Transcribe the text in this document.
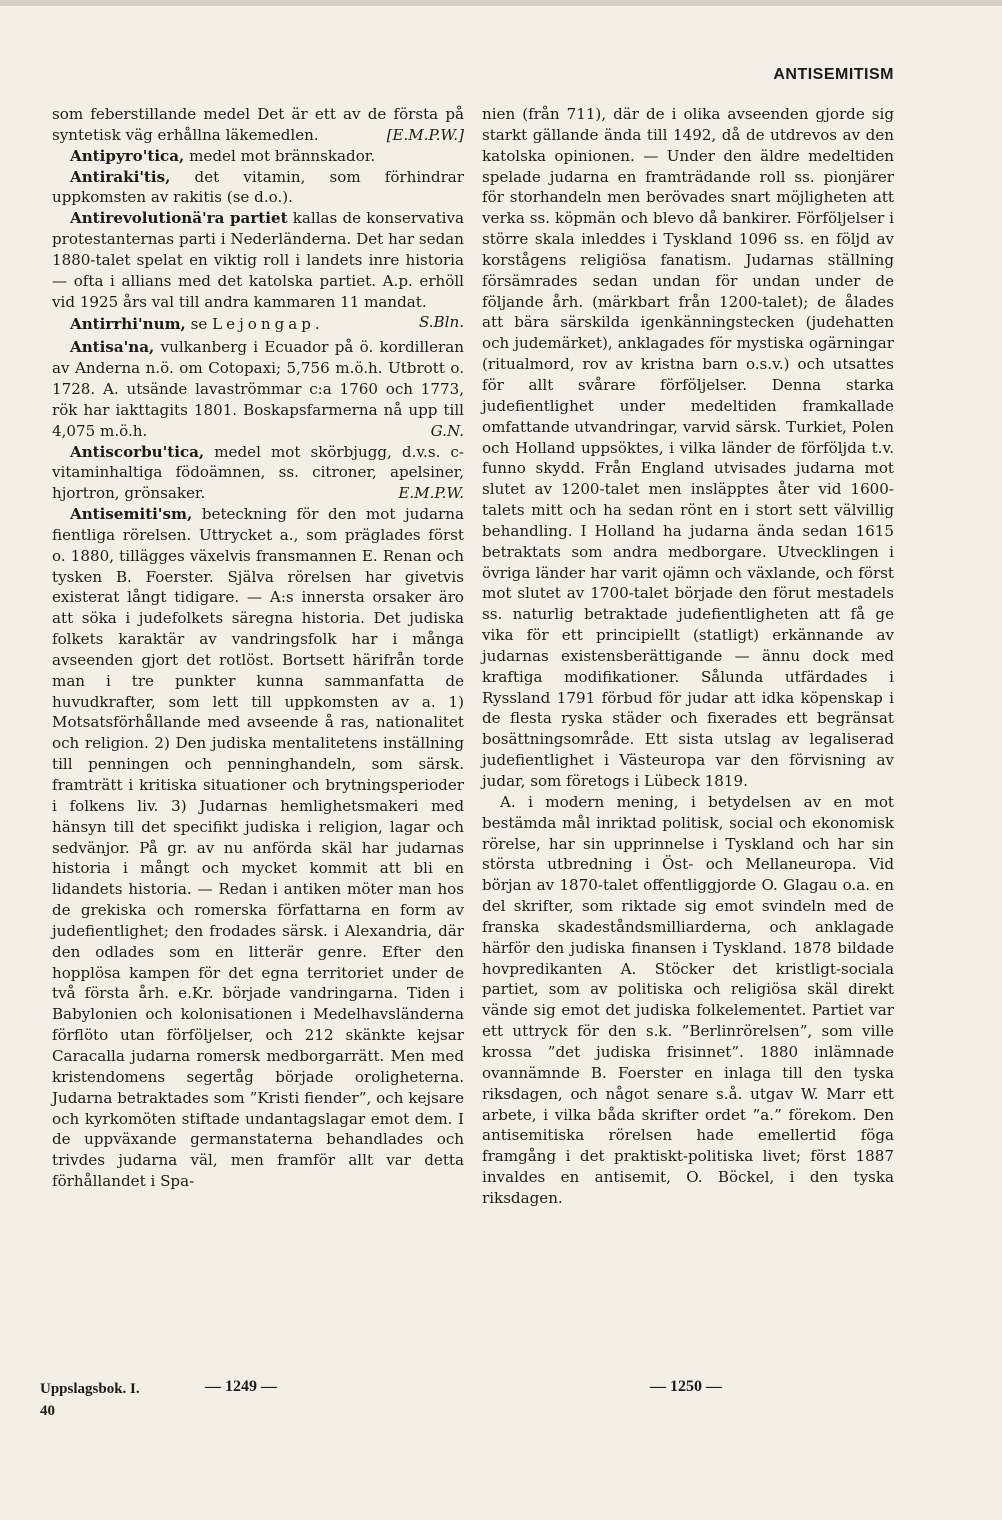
ANTISEMITISM

som feberstillande medel Det är ett av de första på syntetisk väg erhållna läkemedlen.	[E.M.P.W.]

Antipyro'tica, medel mot brännskador.

Antiraki'tis, det vitamin, som förhindrar uppkomsten av rakitis (se d.o.).

Antirevolutionä'ra partiet kallas de konservativa protestanternas parti i Nederländerna. Det har sedan 1880-talet spelat en viktig roll i landets inre historia — ofta i allians med det katolska partiet. A.p. erhöll vid 1925 års val till andra kammaren 11 mandat.
S.Bln.

Antirrhi'num, se Lejongap.

Antisa'na, vulkanberg i Ecuador på ö. kordilleran av Anderna n.ö. om Cotopaxi; 5,756 m.ö.h. Utbrott o. 1728. A. utsände lavaströmmar c:a 1760 och 1773, rök har iakttagits 1801. Boskapsfarmerna nå upp till 4,075 m.ö.h.	G.N.

Antiscorbu'tica, medel mot skörbjugg, d.v.s. c-vitaminhaltiga födoämnen, ss. citroner, apelsiner, hjortron, grönsaker.	E.M.P.W.

Antisemiti'sm, beteckning för den mot judarna fientliga rörelsen. Uttrycket a., som präglades först o. 1880, tillägges växelvis fransmannen E. Renan och tysken B. Foerster. Själva rörelsen har givetvis existerat långt tidigare. — A:s innersta orsaker äro att söka i judefolkets säregna historia. Det judiska folkets karaktär av vandringsfolk har i många avseenden gjort det rotlöst. Bortsett härifrån torde man i tre punkter kunna sammanfatta de huvudkrafter, som lett till uppkomsten av a. 1) Motsatsförhållande med avseende å ras, nationalitet och religion. 2) Den judiska mentalitetens inställning till penningen och penninghandeln, som särsk. framträtt i kritiska situationer och brytningsperioder i folkens liv. 3) Judarnas hemlighetsmakeri med hänsyn till det specifikt judiska i religion, lagar och sedvänjor. På gr. av nu anförda skäl har judarnas historia i mångt och mycket kommit att bli en lidandets historia. — Redan i antiken möter man hos de grekiska och romerska författarna en form av judefientlighet; den frodades särsk. i Alexandria, där den odlades som en litterär genre. Efter den hopplösa kampen för det egna territoriet under de två första årh. e.Kr. började vandringarna. Tiden i Babylonien och kolonisationen i Medelhavsländerna förflöto utan förföljelser, och 212 skänkte kejsar Caracalla judarna romersk medborgarrätt. Men med kristendomens segertåg började oroligheterna. Judarna betraktades som ”Kristi fiender”, och kejsare och kyrkomöten stiftade undantagslagar emot dem. I de uppväxande germanstaterna behandlades och trivdes judarna väl, men framför allt var detta förhållandet i Spa-

nien (från 711), där de i olika avseenden gjorde sig starkt gällande ända till 1492, då de utdrevos av den katolska opinionen. — Under den äldre medeltiden spelade judarna en framträdande roll ss. pionjärer för storhandeln men berövades snart möjligheten att verka ss. köpmän och blevo då bankirer. Förföljelser i större skala inleddes i Tyskland 1096 ss. en följd av korstågens religiösa fanatism. Judarnas ställning försämrades sedan undan för undan under de följande årh. (märkbart från 1200-talet); de ålades att bära särskilda igenkänningstecken (judehatten och judemärket), anklagades för mystiska ogärningar (ritualmord, rov av kristna barn o.s.v.) och utsattes för allt svårare förföljelser. Denna starka judefientlighet under medeltiden framkallade omfattande utvandringar, varvid särsk. Turkiet, Polen och Holland uppsöktes, i vilka länder de förföljda t.v. funno skydd. Från England utvisades judarna mot slutet av 1200-talet men insläpptes åter vid 1600-talets mitt och ha sedan rönt en i stort sett välvillig behandling. I Holland ha judarna ända sedan 1615 betraktats som andra medborgare. Utvecklingen i övriga länder har varit ojämn och växlande, och först mot slutet av 1700-talet började den förut mestadels ss. naturlig betraktade judefientligheten att få ge vika för ett principiellt (statligt) erkännande av judarnas existensberättigande — ännu dock med kraftiga modifikationer. Sålunda utfärdades i Ryssland 1791 förbud för judar att idka köpenskap i de flesta ryska städer och fixerades ett begränsat bosättningsområde. Ett sista utslag av legaliserad judefientlighet i Västeuropa var den förvisning av judar, som företogs i Lübeck 1819.

A. i modern mening, i betydelsen av en mot bestämda mål inriktad politisk, social och ekonomisk rörelse, har sin upprinnelse i Tyskland och har sin största utbredning i Öst- och Mellaneuropa. Vid början av 1870-talet offentliggjorde O. Glagau o.a. en del skrifter, som riktade sig emot svindeln med de franska skadeståndsmilliarderna, och anklagade härför den judiska finansen i Tyskland. 1878 bildade hovpredikanten A. Stöcker det kristligt-sociala partiet, som av politiska och religiösa skäl direkt vände sig emot det judiska folkelementet. Partiet var ett uttryck för den s.k. ”Berlinrörelsen”, som ville krossa ”det judiska frisinnet”. 1880 inlämnade ovannämnde B. Foerster en inlaga till den tyska riksdagen, och något senare s.å. utgav W. Marr ett arbete, i vilka båda skrifter ordet ”a.” förekom. Den antisemitiska rörelsen hade emellertid föga framgång i det praktiskt-politiska livet; först 1887 invaldes en antisemit, O. Böckel, i den tyska riksdagen.

Uppslagsbok. I.
40
— 1249 —	— 1250 —
